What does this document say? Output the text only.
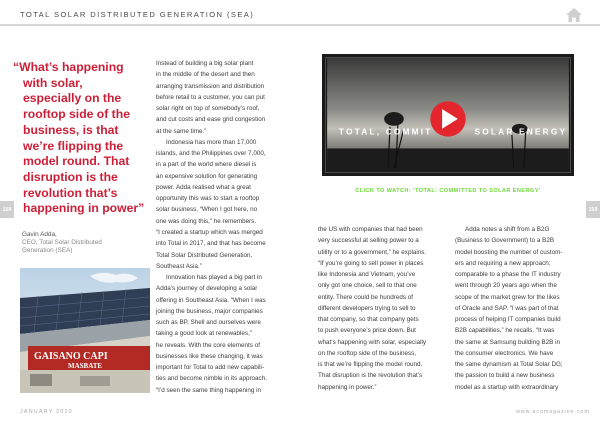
TOTAL SOLAR DISTRIBUTED GENERATION (SEA)
“What’s happening
with solar,
especially on the
rooftop side of the
business, is that
we’re flipping the
model round. That
disruption is the
revolution that’s
happening in power”
Gavin Adda,
CEO, Total Solar Distributed Generation (SEA)
158	159
GAISANO CAPI
MASBATE

Instead of building a big solar plant

in the middle of the desert and then

arranging transmission and distribution

before retail to a customer, you can put

solar right on top of somebody’s roof,

and cut costs and ease grid congestion

at the same time.”

Indonesia has more than 17,000

islands, and the Philippines over 7,000,

in a part of the world where diesel is

an expensive solution for generating

power. Adda realised what a great

opportunity this was to start a rooftop

solar business. “When I got here, no

one was doing this,” he remembers.

“I created a startup which was merged

into Total in 2017, and that has become

Total Solar Distributed Generation,

Southeast Asia.”

Innovation has played a big part in

Adda’s journey of developing a solar

offering in Southeast Asia. “When I was

joining the business, major companies

such as BP, Shell and ourselves were

taking a good look at renewables,”

he reveals. With the core elements of

businesses like these changing, it was

important for Total to add new capabili-

ties and become nimble in its approach.

“I’d seen the same thing happening in

TOTAL, COMMIT	SOLAR ENERGY
CLICK TO WATCH: ‘TOTAL: COMMITTED TO SOLAR ENERGY’

the US with companies that had been

very successful at selling power to a

utility or to a government,” he explains.

“If you’re going to sell power in places

like Indonesia and Vietnam, you’ve

only got one choice, sell to that one

entity. There could be hundreds of

different developers trying to sell to

that company, so that company gets

to push everyone’s price down. But

what’s happening with solar, especially

on the rooftop side of the business,

is that we’re flipping the model round.

That disruption is the revolution that’s

happening in power.”

Adda notes a shift from a B2G

(Business to Government) to a B2B

model boosting the number of custom-

ers and requiring a new approach;

comparable to a phase the IT industry

went through 20 years ago when the

scope of the market grew for the likes

of Oracle and SAP. “I was part of that

process of helping IT companies build

B2B capabilities,” he recalls. “It was

the same at Samsung building B2B in

the consumer electronics. We have

the same dynamism at Total Solar DG;

the passion to build a new business

model as a startup with extraordinary

JANUARY 2020	www.ecomagazine.com
